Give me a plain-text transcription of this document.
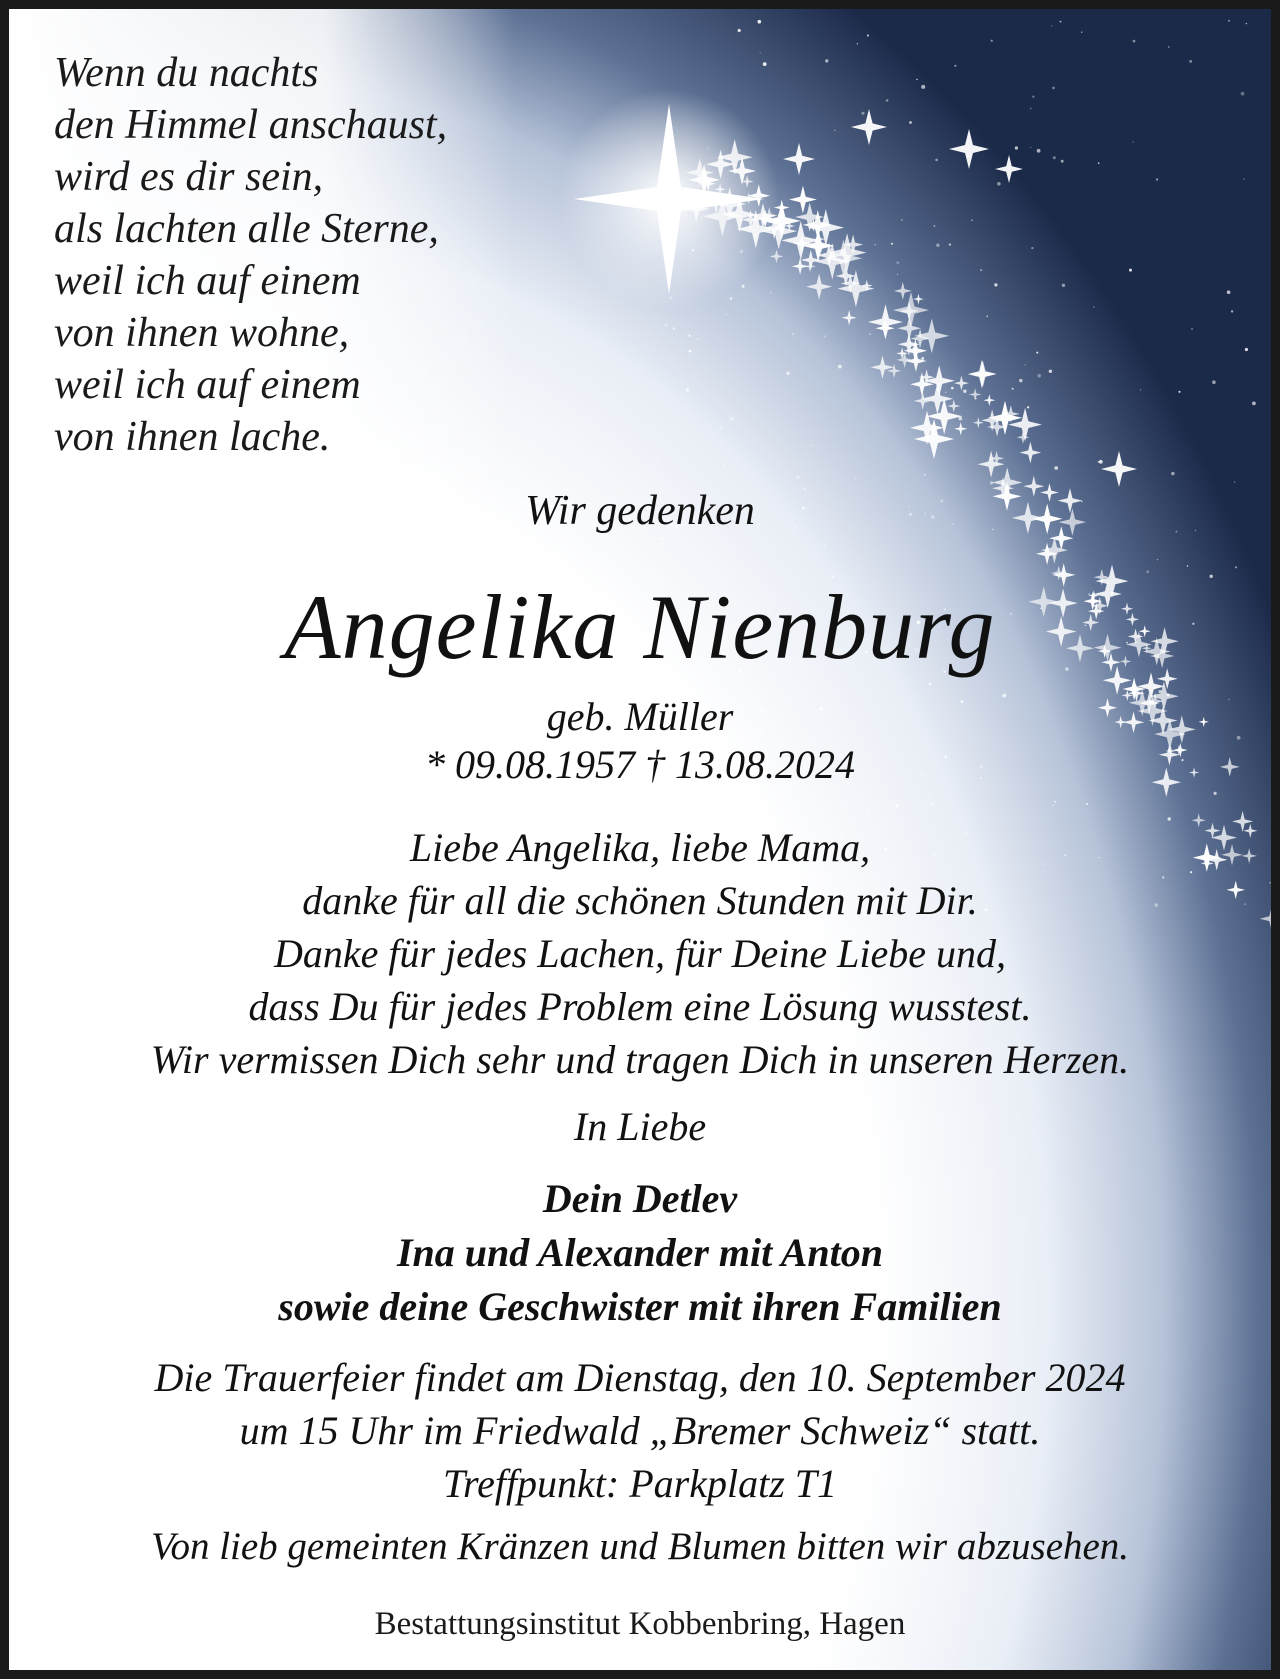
Wenn du nachts
den Himmel anschaust,
wird es dir sein,
als lachten alle Sterne,
weil ich auf einem
von ihnen wohne,
weil ich auf einem
von ihnen lache.

Wir gedenken

Angelika Nienburg

geb. Müller

* 09.08.1957 † 13.08.2024

Liebe Angelika, liebe Mama,
danke für all die schönen Stunden mit Dir.
Danke für jedes Lachen, für Deine Liebe und,
dass Du für jedes Problem eine Lösung wusstest.
Wir vermissen Dich sehr und tragen Dich in unseren Herzen.

In Liebe

Dein Detlev
Ina und Alexander mit Anton
sowie deine Geschwister mit ihren Familien

Die Trauerfeier findet am Dienstag, den 10. September 2024
um 15 Uhr im Friedwald „Bremer Schweiz“ statt.
Treffpunkt: Parkplatz T1

Von lieb gemeinten Kränzen und Blumen bitten wir abzusehen.

Bestattungsinstitut Kobbenbring, Hagen
